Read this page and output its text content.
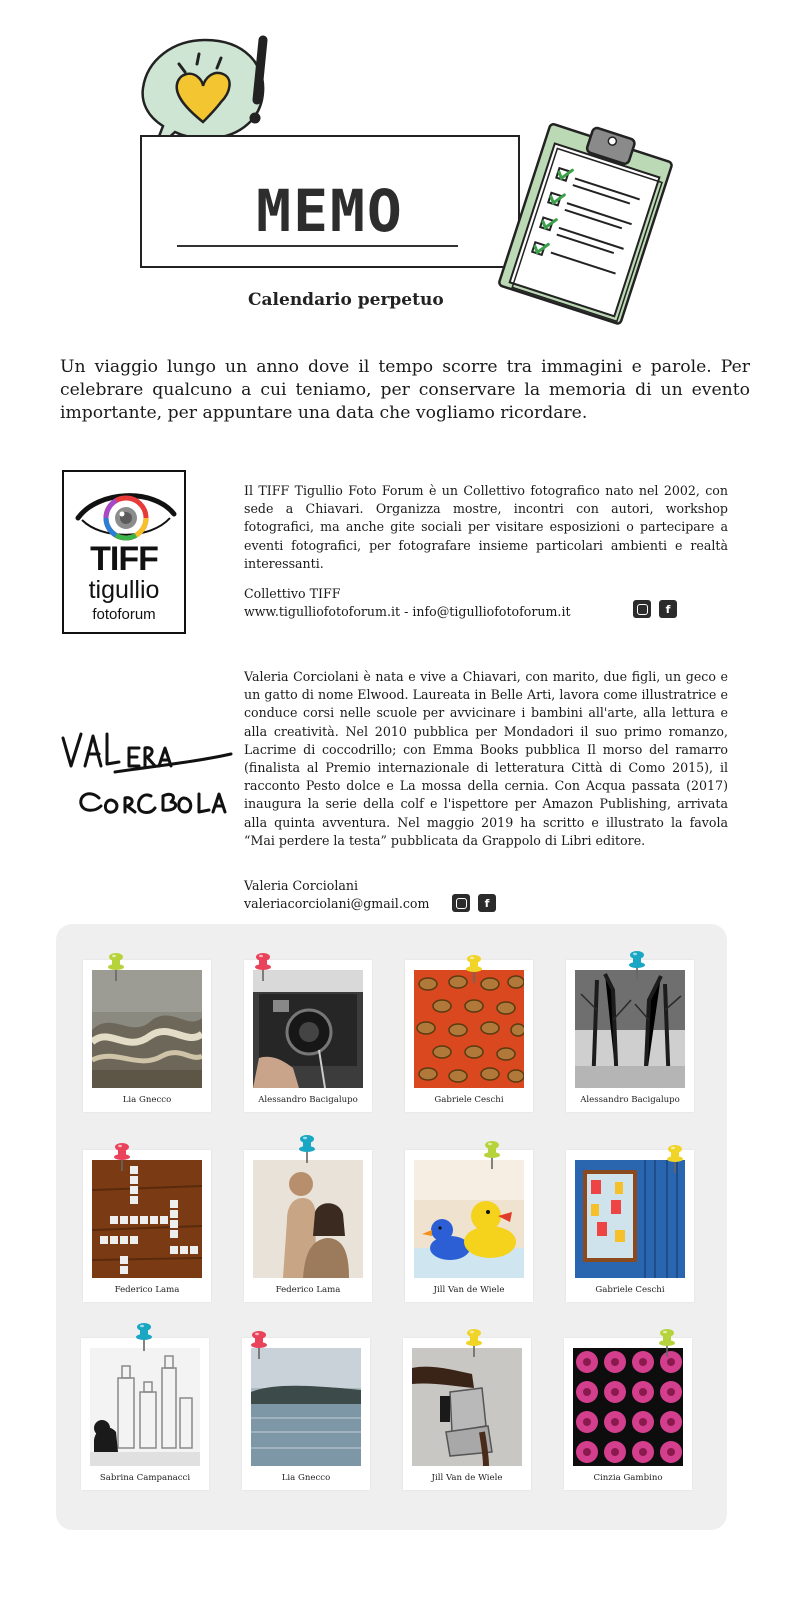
MEMO
Calendario perpetuo

Un viaggio lungo un anno dove il tempo scorre tra immagini e parole. Per celebrare qualcuno a cui teniamo, per conservare la memoria di un evento importante, per appuntare una data che vogliamo ricordare.

TIFF
tigullio
fotoforum

Il TIFF Tigullio Foto Forum è un Collettivo fotografico nato nel 2002, con sede a Chiavari. Organizza mostre, incontri con autori, workshop fotografici, ma anche gite sociali per visitare esposizioni o partecipare a eventi fotografici, per fotografare insieme particolari ambienti e realtà interessanti.

Collettivo TIFF
www.tigulliofotoforum.it - info@tigulliofotoforum.it	f
VALERIA CORCIOLANI

Valeria Corciolani è nata e vive a Chiavari, con marito, due figli, un geco e un gatto di nome Elwood. Laureata in Belle Arti, lavora come illustratrice e conduce corsi nelle scuole per avvicinare i bambini all'arte, alla lettura e alla creatività. Nel 2010 pubblica per Mondadori il suo primo romanzo, Lacrime di coccodrillo; con Emma Books pubblica Il morso del ramarro (finalista al Premio internazionale di letteratura Città di Como 2015), il racconto Pesto dolce e La mossa della cernia. Con Acqua passata (2017) inaugura la serie della colf e l'ispettore per Amazon Publishing, arrivata alla quinta avventura. Nel maggio 2019 ha scritto e illustrato la favola “Mai perdere la testa” pubblicata da Grappolo di Libri editore.

Valeria Corciolani
valeriacorciolani@gmail.com	f
Lia Gnecco	Alessandro Bacigalupo	Gabriele Ceschi	Alessandro Bacigalupo
Federico Lama	Federico Lama	Jill Van de Wiele	Gabriele Ceschi
Sabrina Campanacci	Lia Gnecco	Jill Van de Wiele	Cinzia Gambino
